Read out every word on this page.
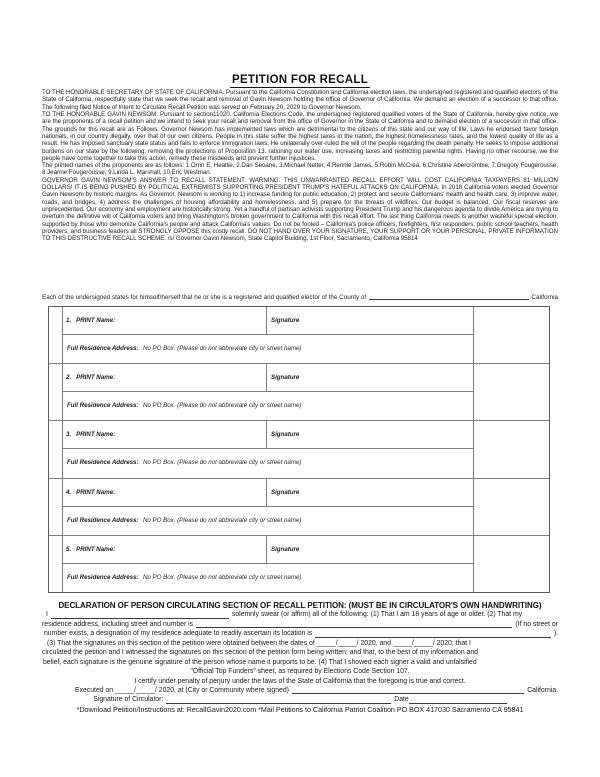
PETITION FOR RECALL

TO THE HONORABLE SECRETARY OF STATE OF CALIFORNIA. Pursuant to the California Constitution and California election laws, the undersigned registered and qualified electors of the State of California, respectfully state that we seek the recall and removal of Gavin Newsom holding the office of Governor of California. We demand an election of a successor to that office. The following filed Notice of Intent to Circulate Recall Petition was served on February 20, 2020 to Governor Newsom.

TO THE HONORABLE GAVIN NEWSOM: Pursuant to section11020, California Elections Code, the undersigned registered qualified voters of the State of California, hereby give notice, we are the proponents of a recall petition and we intend to seek your recall and removal from the office of Governor in the State of California and to demand election of a successor in that office. The grounds for this recall are as Follows: Governor Newsom has implemented laws which are detrimental to the citizens of this state and our way of life. Laws he endorsed favor foreign nationals, in our country illegally, over that of our own citizens. People in this state suffer the highest taxes in the nation, the highest homelessness rates, and the lowest quality of life as a result. He has imposed sanctuary state status and fails to enforce immigration laws. He unilaterally over-ruled the will of the people regarding the death penalty. He seeks to impose additional burdens on our state by the following; removing the protections of Proposition 13, rationing our water use, increasing taxes and restricting parental rights. Having no other recourse, we the people have come together to take this action, remedy these misdeeds and prevent further injustices.

The printed names of the proponents are as follows: 1.Orrin E. Heatlie, 2.Dan Seoane, 3.Michael Netter, 4.Rennie James, 5.Robin McCrea, 6.Christine Abercrombie, 7.Gregory Fougerousse, 8.Jeanne Fougerousse, 9.Linda L. Marshall, 10.Eric Westman.

GOVERNOR GAVIN NEWSOM'S ANSWER TO RECALL STATEMENT: WARNING: THIS UNWARRANTED RECALL EFFORT WILL COST CALIFORNIA TAXPAYERS 81 MILLION DOLLARS! IT IS BEING PUSHED BY POLITICAL EXTREMISTS SUPPORTING PRESIDENT TRUMP'S HATEFUL ATTACKS ON CALIFORNIA. In 2018 California voters elected Governor Gavin Newsom by historic margins. As Governor, Newsom is working to 1) increase funding for public education, 2) protect and secure Californians' health and health care, 3) improve water, roads, and bridges, 4) address the challenges of housing affordability and homelessness, and 5) prepare for the threats of wildfires. Our budget is balanced. Our fiscal reserves are unprecedented. Our economy and employment are historically strong. Yet a handful of partisan activists supporting President Trump and his dangerous agenda to divide America are trying to overturn the definitive will of California voters and bring Washington's broken government to California with this recall effort. The last thing California needs is another wasteful special election, supported by those who demonize California's people and attack California's values. Do not be fooled – California's police officers, firefighters, first responders, public school teachers, health providers, and business leaders all STRONGLY OPPOSE this costly recall. DO NOT HAND OVER YOUR SIGNATURE, YOUR SUPPORT OR YOUR PERSONAL, PRIVATE INFORMATION TO THIS DESTRUCTIVE RECALL SCHEME. /s/ Governor Gavin Newsom, State Capitol Building, 1st Floor, Sacramento, California 95814

Each of the undersigned states for himself/herself that he or she is a registered and qualified elector of the County of	California
1. PRINT Name:	Signature
Full Residence Address: No PO Box. (Please do not abbreviate city or street name)
2. PRINT Name:	Signature
Full Residence Address: No PO Box. (Please do not abbreviate city or street name)
3. PRINT Name:	Signature
Full Residence Address: No PO Box. (Please do not abbreviate city or street name)
4. PRINT Name:	Signature
Full Residence Address: No PO Box. (Please do not abbreviate city or street name)
5. PRINT Name:	Signature
Full Residence Address: No PO Box. (Please do not abbreviate city or street name)
DECLARATION OF PERSON CIRCULATING SECTION OF RECALL PETITION: (MUST BE IN CIRCULATOR'S OWN HANDWRITING)
I	solemnly swear (or affirm) all of the following: (1) That I am 18 years of age or older. (2) That my
residence address, including street and number is	(If no street or
number exists, a designation of my residence adequate to readily ascertain its location is	).
(3) That the signatures on this section of the petition were obtained between the dates of _____/_____/ 2020, and _____/_____/ 2020; that I
circulated the petition and I witnessed the signatures on this section of the petition form being written; and that, to the best of my information and
belief, each signature is the genuine signature of the person whose name it purports to be. (4) That I showed each signer a valid and unfalsified
"Official Top Funders" sheet, as required by Elections Code Section 107.
I certify under penalty of perjury under the laws of the State of California that the foregoing is true and correct.
Executed on _____/_____/ 2020, at (City or Community where signed)	California.
Signature of Circulator:	Date
*Download Petition/Instructions at: RecallGavin2020.com *Mail Petitions to California Patriot Coalition PO BOX 417030 Sacramento CA 95841
